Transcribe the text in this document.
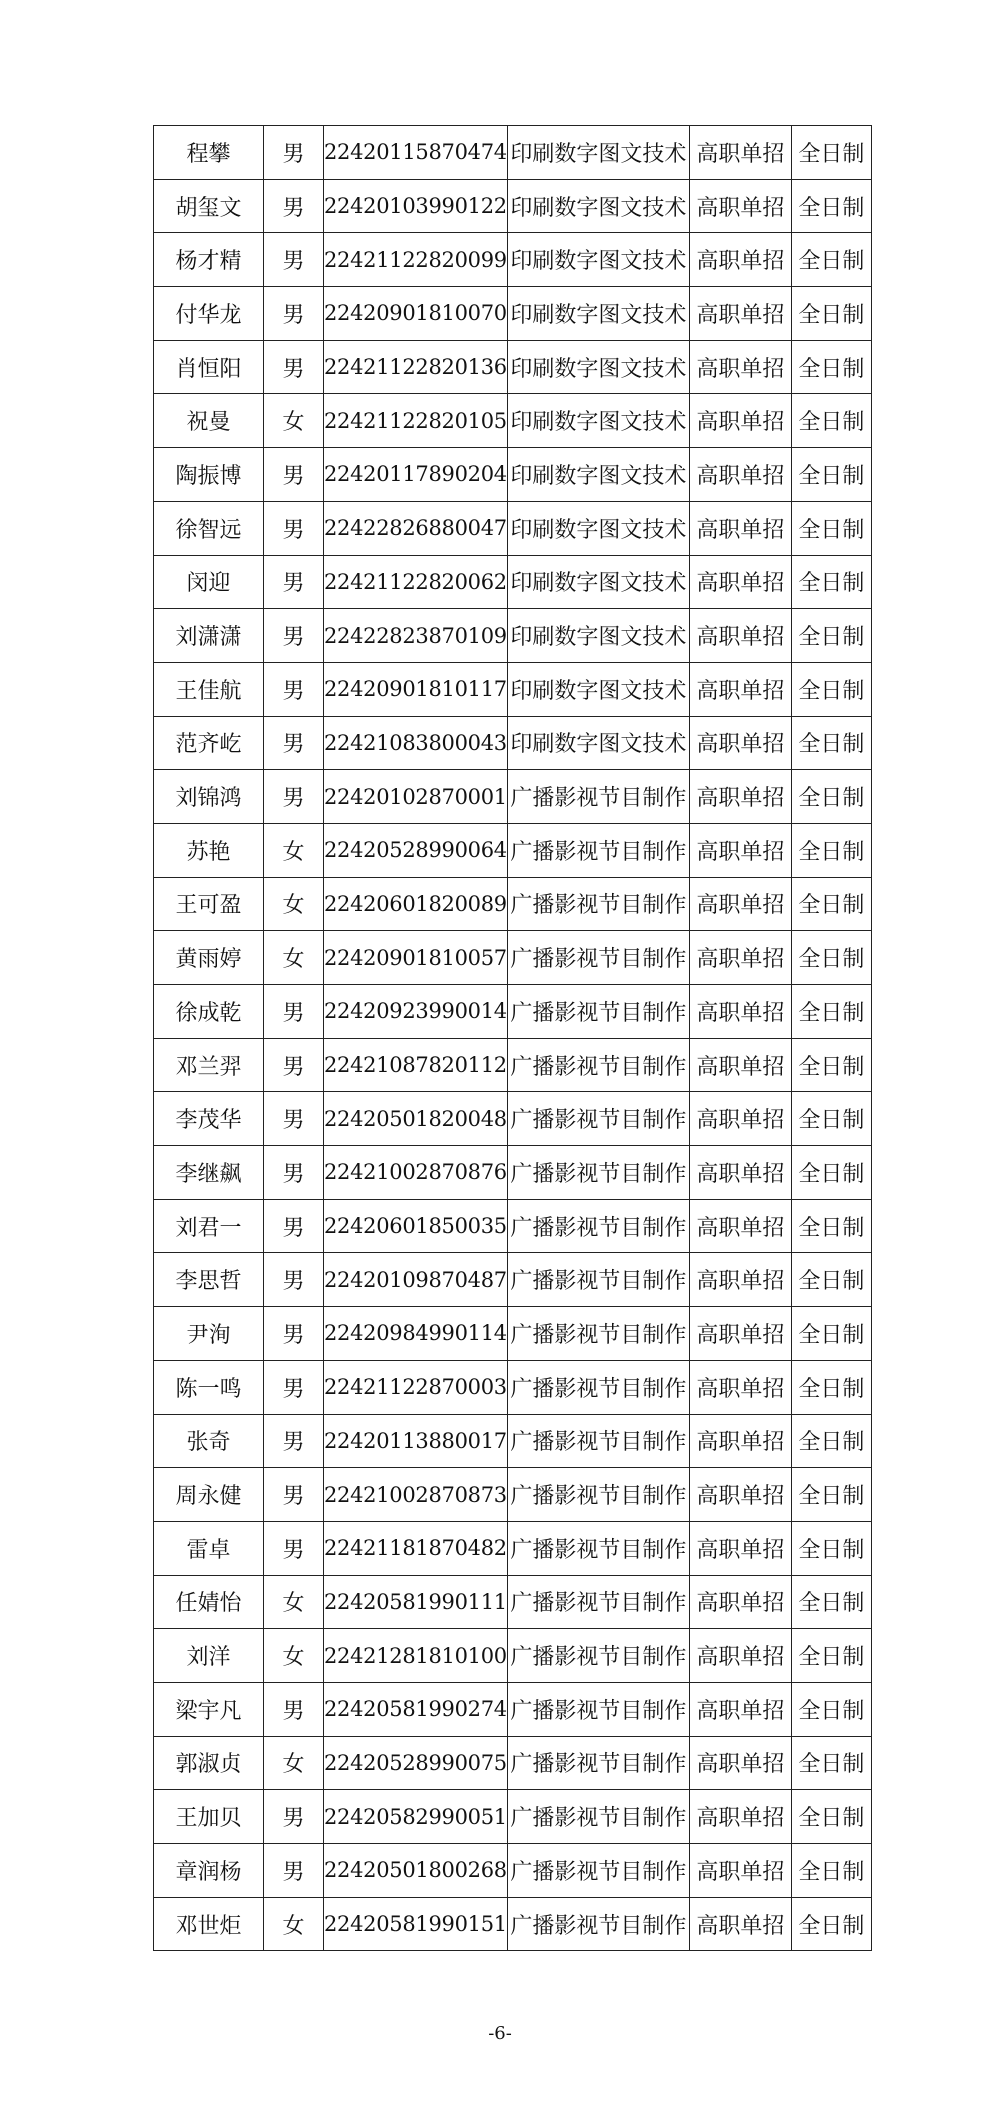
程攀	男	22420115870474	印刷数字图文技术	高职单招	全日制
胡玺文	男	22420103990122	印刷数字图文技术	高职单招	全日制
杨才精	男	22421122820099	印刷数字图文技术	高职单招	全日制
付华龙	男	22420901810070	印刷数字图文技术	高职单招	全日制
肖恒阳	男	22421122820136	印刷数字图文技术	高职单招	全日制
祝曼	女	22421122820105	印刷数字图文技术	高职单招	全日制
陶振博	男	22420117890204	印刷数字图文技术	高职单招	全日制
徐智远	男	22422826880047	印刷数字图文技术	高职单招	全日制
闵迎	男	22421122820062	印刷数字图文技术	高职单招	全日制
刘潇潇	男	22422823870109	印刷数字图文技术	高职单招	全日制
王佳航	男	22420901810117	印刷数字图文技术	高职单招	全日制
范齐屹	男	22421083800043	印刷数字图文技术	高职单招	全日制
刘锦鸿	男	22420102870001	广播影视节目制作	高职单招	全日制
苏艳	女	22420528990064	广播影视节目制作	高职单招	全日制
王可盈	女	22420601820089	广播影视节目制作	高职单招	全日制
黄雨婷	女	22420901810057	广播影视节目制作	高职单招	全日制
徐成乾	男	22420923990014	广播影视节目制作	高职单招	全日制
邓兰羿	男	22421087820112	广播影视节目制作	高职单招	全日制
李茂华	男	22420501820048	广播影视节目制作	高职单招	全日制
李继飙	男	22421002870876	广播影视节目制作	高职单招	全日制
刘君一	男	22420601850035	广播影视节目制作	高职单招	全日制
李思哲	男	22420109870487	广播影视节目制作	高职单招	全日制
尹洵	男	22420984990114	广播影视节目制作	高职单招	全日制
陈一鸣	男	22421122870003	广播影视节目制作	高职单招	全日制
张奇	男	22420113880017	广播影视节目制作	高职单招	全日制
周永健	男	22421002870873	广播影视节目制作	高职单招	全日制
雷卓	男	22421181870482	广播影视节目制作	高职单招	全日制
任婧怡	女	22420581990111	广播影视节目制作	高职单招	全日制
刘洋	女	22421281810100	广播影视节目制作	高职单招	全日制
梁宇凡	男	22420581990274	广播影视节目制作	高职单招	全日制
郭淑贞	女	22420528990075	广播影视节目制作	高职单招	全日制
王加贝	男	22420582990051	广播影视节目制作	高职单招	全日制
章润杨	男	22420501800268	广播影视节目制作	高职单招	全日制
邓世炬	女	22420581990151	广播影视节目制作	高职单招	全日制
-6-
